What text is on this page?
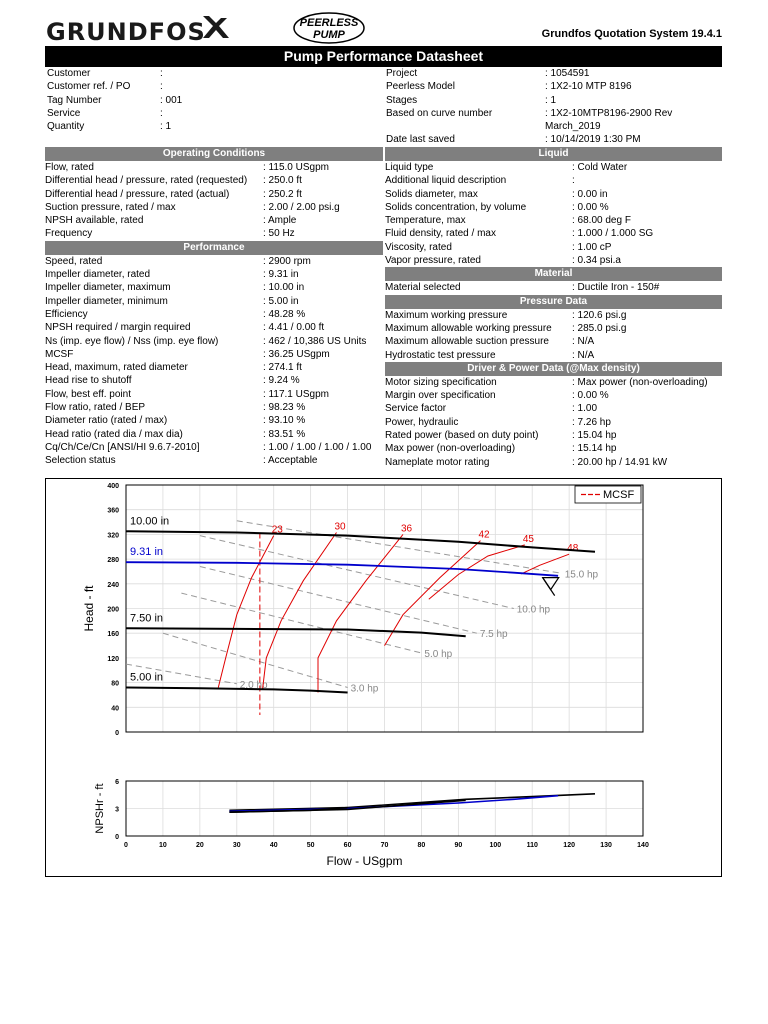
GRUNDFOS	PEERLESS
PUMP	Grundfos Quotation System 19.4.1
Pump Performance Datasheet
Customer	:
Customer ref. / PO	:
Tag Number	: 001
Service	:
Quantity	: 1
Project	: 1054591
Peerless Model	: 1X2-10 MTP 8196
Stages	: 1
Based on curve number	: 1X2-10MTP8196-2900 Rev
March_2019
Date last saved	: 10/14/2019 1:30 PM
Operating Conditions
Flow, rated	: 115.0 USgpm
Differential head / pressure, rated (requested) : 250.0 ft
Differential head / pressure, rated (actual)	: 250.2 ft
Suction pressure, rated / max	: 2.00 / 2.00 psi.g
NPSH available, rated	: Ample
Frequency	: 50 Hz
Performance
Speed, rated	: 2900 rpm
Impeller diameter, rated	: 9.31 in
Impeller diameter, maximum	: 10.00 in
Impeller diameter, minimum	: 5.00 in
Efficiency	: 48.28 %
NPSH required / margin required	: 4.41 / 0.00 ft
Ns (imp. eye flow) / Nss (imp. eye flow)	: 462 / 10,386 US Units
MCSF	: 36.25 USgpm
Head, maximum, rated diameter	: 274.1 ft
Head rise to shutoff	: 9.24 %
Flow, best eff. point	: 117.1 USgpm
Flow ratio, rated / BEP	: 98.23 %
Diameter ratio (rated / max)	: 93.10 %
Head ratio (rated dia / max dia)	: 83.51 %
Cq/Ch/Ce/Cn [ANSI/HI 9.6.7-2010]	: 1.00 / 1.00 / 1.00 / 1.00
Selection status	: Acceptable
Liquid
Liquid type	: Cold Water
Additional liquid description	:
Solids diameter, max	: 0.00 in
Solids concentration, by volume	: 0.00 %
Temperature, max	: 68.00 deg F
Fluid density, rated / max	: 1.000 / 1.000 SG
Viscosity, rated	: 1.00 cP
Vapor pressure, rated	: 0.34 psi.a
Material
Material selected	: Ductile Iron - 150#
Pressure Data
Maximum working pressure	: 120.6 psi.g
Maximum allowable working pressure : 285.0 psi.g
Maximum allowable suction pressure : N/A
Hydrostatic test pressure	: N/A
Driver & Power Data (@Max density)
Motor sizing specification	: Max power (non-overloading)
Margin over specification	: 0.00 %
Service factor	: 1.00
Power, hydraulic	: 7.26 hp
Rated power (based on duty point)	: 15.04 hp
Max power (non-overloading)	: 15.14 hp
Nameplate motor rating	: 20.00 hp / 14.91 kW
0
40
80
120
160
200
240
280
320
360
400
Head - ft
2.0 hp	3.0 hp
5.0 hp
7.5 hp
10.0 hp
15.0 hp
23	30	36
42	45
48
10.00 in
9.31 in
7.50 in
5.00 in
MCSF
0	10	20	30	40	50	60	70	80	90	100	110	120	130	140
0
3
6
NPSHr - ft
Flow - USgpm
